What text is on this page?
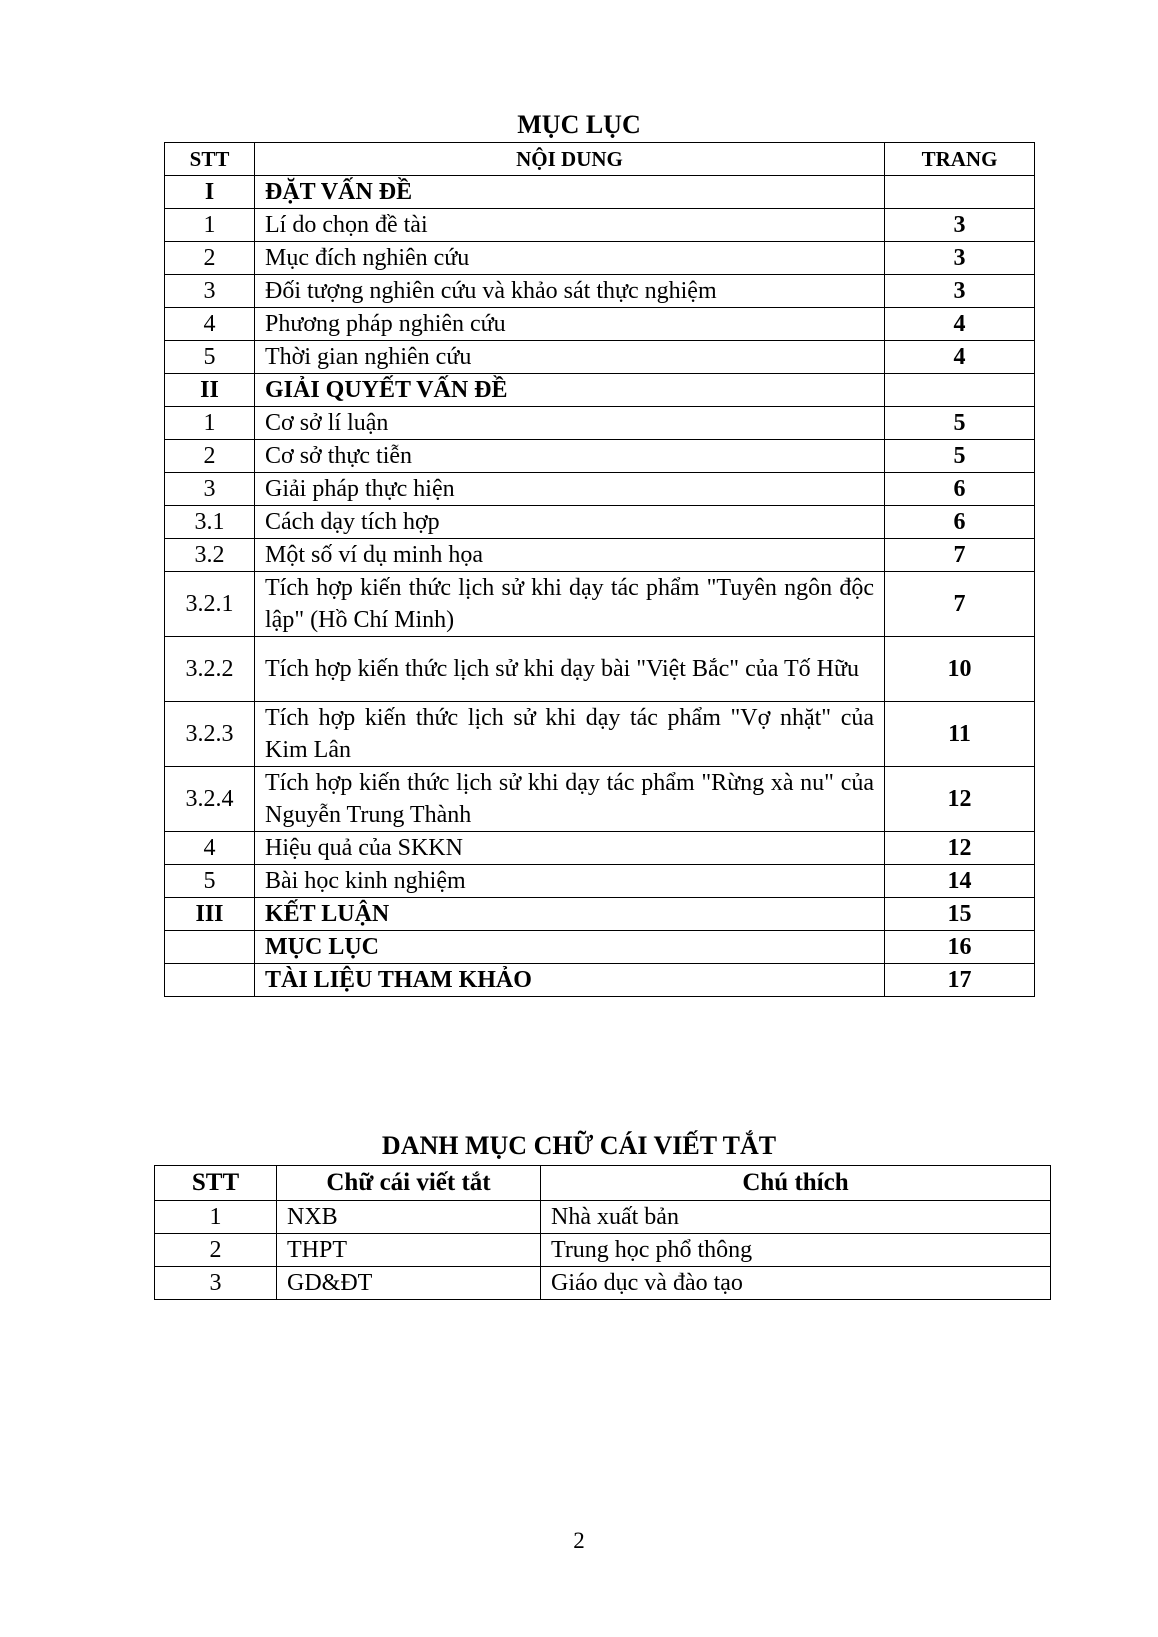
MỤC LỤC
STT	NỘI DUNG	TRANG
I	ĐẶT VẤN ĐỀ	
1	Lí do chọn đề tài	3
2	Mục đích nghiên cứu	3
3	Đối tượng nghiên cứu và khảo sát thực nghiệm	3
4	Phương pháp nghiên cứu	4
5	Thời gian nghiên cứu	4
II	GIẢI QUYẾT VẤN ĐỀ	
1	Cơ sở lí luận	5
2	Cơ sở thực tiễn	5
3	Giải pháp thực hiện	6
3.1	Cách dạy tích hợp	6
3.2	Một số ví dụ minh họa	7
3.2.1	Tích hợp kiến thức lịch sử khi dạy tác phẩm "Tuyên ngôn độc lập" (Hồ Chí Minh)	7
3.2.2	Tích hợp kiến thức lịch sử khi dạy bài "Việt Bắc" của Tố Hữu	10
3.2.3	Tích hợp kiến thức lịch sử khi dạy tác phẩm "Vợ nhặt" của Kim Lân	11
3.2.4	Tích hợp kiến thức lịch sử khi dạy tác phẩm "Rừng xà nu" của Nguyễn Trung Thành	12
4	Hiệu quả của SKKN	12
5	Bài học kinh nghiệm	14
III	KẾT LUẬN	15
	MỤC LỤC	16
	TÀI LIỆU THAM KHẢO	17
DANH MỤC CHỮ CÁI VIẾT TẮT
STT	Chữ cái viết tắt	Chú thích
1	NXB	Nhà xuất bản
2	THPT	Trung học phổ thông
3	GD&ĐT	Giáo dục và đào tạo
2
